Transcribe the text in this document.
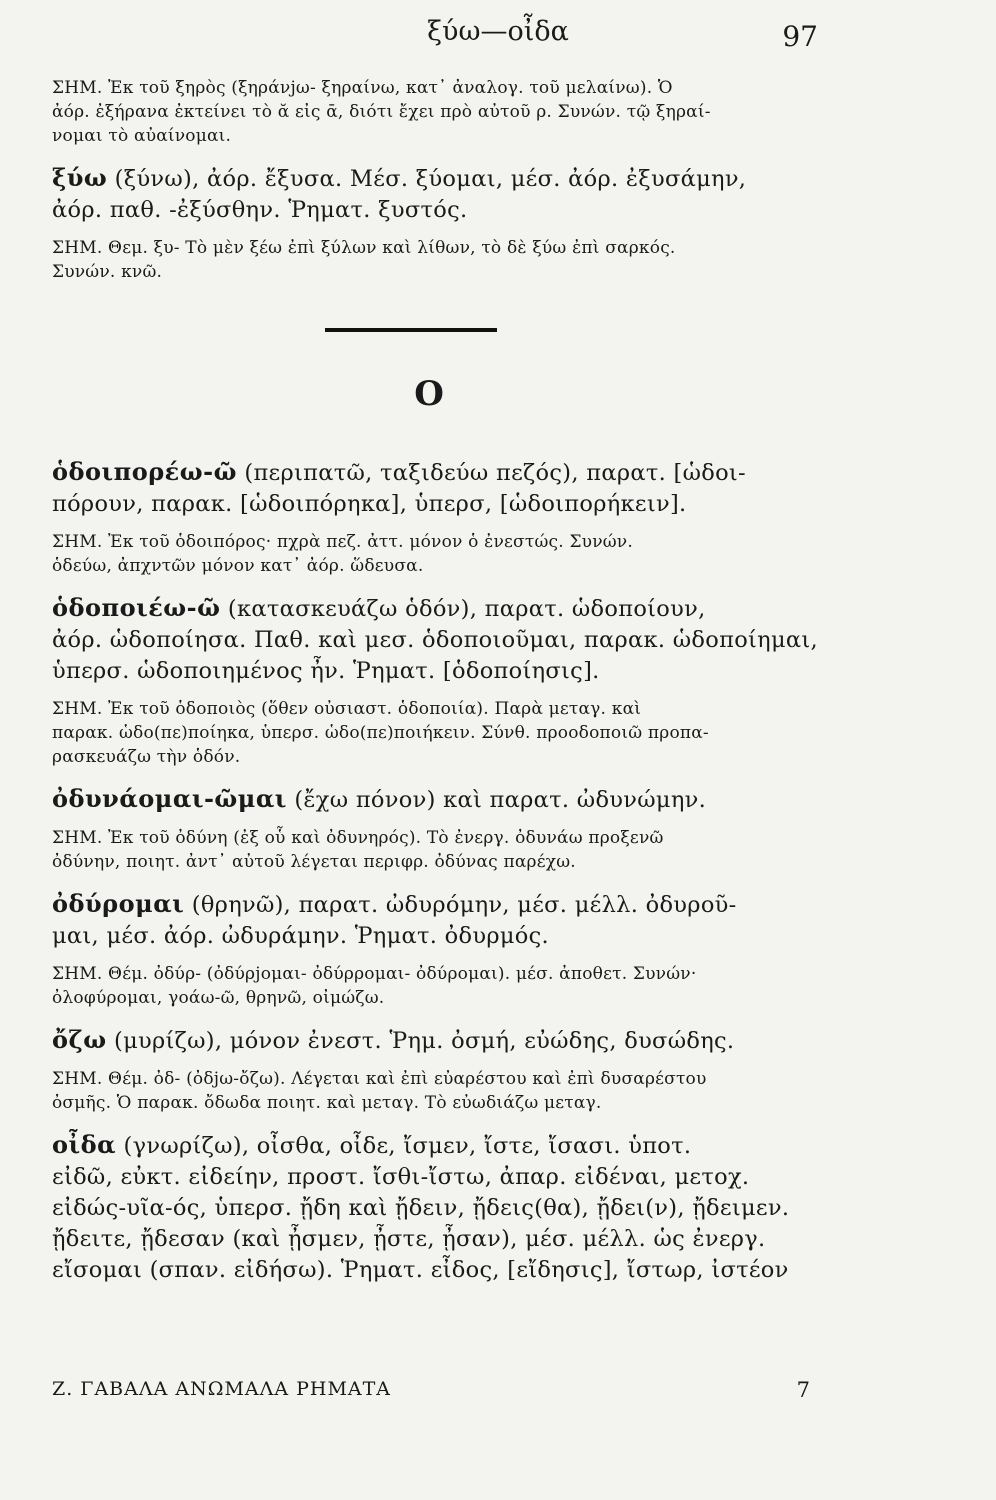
ξύω—οἶδα	97
ΣΗΜ. Ἐκ τοῦ ξηρὸς (ξηράνjω- ξηραίνω, κατ᾽ ἀναλογ. τοῦ μελαίνω). Ὁ
ἀόρ. ἐξήρανα ἐκτείνει τὸ ᾰ εἰς ᾱ, διότι ἔχει πρὸ αὐτοῦ ρ. Συνών. τῷ ξηραί-
νομαι τὸ αὐαίνομαι.
ξύω (ξύνω), ἀόρ. ἔξυσα. Μέσ. ξύομαι, μέσ. ἀόρ. ἐξυσάμην,
ἀόρ. παθ. -ἐξύσθην. Ῥηματ. ξυστός.
ΣΗΜ. Θεμ. ξυ- Τὸ μὲν ξέω ἐπὶ ξύλων καὶ λίθων, τὸ δὲ ξύω ἐπὶ σαρκός.
Συνών. κνῶ.
Ο
ὁδοιπορέω-ῶ (περιπατῶ, ταξιδεύω πεζός), παρατ. [ὡδοι-
πόρουν, παρακ. [ὡδοιπόρηκα], ὑπερσ, [ὡδοιπορήκειν].
ΣΗΜ. Ἐκ τοῦ ὁδοιπόρος· πχρὰ πεζ. ἀττ. μόνον ὁ ἐνεστώς. Συνών.
ὁδεύω, ἀπχντῶν μόνον κατ᾽ ἀόρ. ὥδευσα.
ὁδοποιέω-ῶ (κατασκευάζω ὁδόν), παρατ. ὡδοποίουν,
ἀόρ. ὡδοποίησα. Παθ. καὶ μεσ. ὁδοποιοῦμαι, παρακ. ὡδοποίημαι,
ὑπερσ. ὡδοποιημένος ἦν. Ῥηματ. [ὁδοποίησις].
ΣΗΜ. Ἐκ τοῦ ὁδοποιὸς (ὅθεν οὐσιαστ. ὁδοποιία). Παρὰ μεταγ. καὶ
παρακ. ὡδο(πε)ποίηκα, ὑπερσ. ὡδο(πε)ποιήκειν. Σύνθ. προοδοποιῶ προπα-
ρασκευάζω τὴν ὁδόν.
ὀδυνάομαι-ῶμαι (ἔχω πόνον) καὶ παρατ. ὠδυνώμην.
ΣΗΜ. Ἐκ τοῦ ὀδύνη (ἐξ οὗ καὶ ὀδυνηρός). Τὸ ἐνεργ. ὀδυνάω προξενῶ
ὀδύνην, ποιητ. ἀντ᾽ αὐτοῦ λέγεται περιφρ. ὀδύνας παρέχω.
ὀδύρομαι (θρηνῶ), παρατ. ὠδυρόμην, μέσ. μέλλ. ὀδυροῦ-
μαι, μέσ. ἀόρ. ὠδυράμην. Ῥηματ. ὀδυρμός.
ΣΗΜ. Θέμ. ὀδύρ- (ὀδύρjομαι- ὀδύρρομαι- ὀδύρομαι). μέσ. ἀποθετ. Συνών·
ὀλοφύρομαι, γοάω-ῶ, θρηνῶ, οἰμώζω.
ὄζω (μυρίζω), μόνον ἐνεστ. Ῥημ. ὀσμή, εὐώδης, δυσώδης.
ΣΗΜ. Θέμ. ὀδ- (ὀδjω-ὄζω). Λέγεται καὶ ἐπὶ εὐαρέστου καὶ ἐπὶ δυσαρέστου
ὀσμῆς. Ὁ παρακ. ὄδωδα ποιητ. καὶ μεταγ. Τὸ εὐωδιάζω μεταγ.
οἶδα (γνωρίζω), οἶσθα, οἶδε, ἴσμεν, ἴστε, ἴσασι. ὑποτ.
εἰδῶ, εὐκτ. εἰδείην, προστ. ἴσθι-ἴστω, ἀπαρ. εἰδέναι, μετοχ.
εἰδώς-υῖα-ός, ὑπερσ. ᾔδη καὶ ᾔδειν, ᾔδεις(θα), ᾔδει(ν), ᾔδειμεν.
ᾔδειτε, ᾔδεσαν (καὶ ᾖσμεν, ᾖστε, ᾖσαν), μέσ. μέλλ. ὡς ἐνεργ.
εἴσομαι (σπαν. εἰδήσω). Ῥηματ. εἶδος, [εἴδησις], ἴστωρ, ἰστέον
Ζ. ΓΑΒΑΛΑ ΑΝΩΜΑΛΑ ΡΗΜΑΤΑ	7
